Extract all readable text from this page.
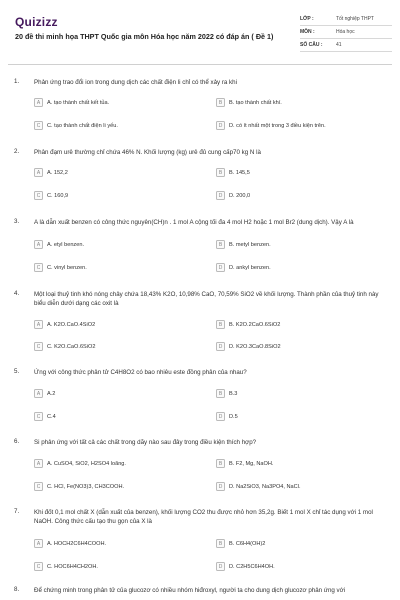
Quizizz
20 đề thi minh họa THPT Quốc gia môn Hóa học năm 2022 có đáp án ( Đề 1)
LỚP :	Tốt nghiệp THPT
MÔN :	Hóa học
SỐ CÂU :	41
1. Phản ứng trao đổi ion trong dung dịch các chất điện li chỉ có thể xảy ra khi
A	A. tạo thành chất kết tủa.	B	B. tạo thành chất khí.
C	C. tạo thành chất điện li yếu.	D	D. có ít nhất một trong 3 điều kiện trên.
2. Phân đạm urê thường chỉ chứa 46% N. Khối lượng (kg) urê đủ cung cấp70 kg N là
A	A. 152,2	B	B. 145,5
C	C. 160,9	D	D. 200,0
3. A là dẫn xuất benzen có công thức nguyên(CH)n . 1 mol A cộng tối đa 4 mol H2 hoặc 1 mol Br2 (dung dịch). Vậy A là
A	A. etyl benzen.	B	B. metyl benzen.
C	C. vinyl benzen.	D	D. ankyl benzen.
4. Một loại thuỷ tinh khó nóng chảy chứa 18,43% K2O, 10,98% CaO, 70,59% SiO2 về khối lượng. Thành phần của thuỷ tinh này biểu diễn dưới dạng các oxit là
A	A. K2O.CaO.4SiO2	B	B. K2O.2CaO.6SiO2
C	C. K2O.CaO.6SiO2	D	D. K2O.3CaO.8SiO2
5. Ứng với công thức phân tử C4H8O2 có bao nhiêu este đồng phân của nhau?
A	A.2	B	B.3
C	C.4	D	D.5
6. Si phản ứng với tất cả các chất trong dãy nào sau đây trong điều kiện thích hợp?
A	A. CuSO4, SiO2, H2SO4 loãng.	B	B. F2, Mg, NaOH.
C	C. HCl, Fe(NO3)3, CH3COOH.	D	D. Na2SiO3, Na3PO4, NaCl.
7. Khi đốt 0,1 mol chất X (dẫn xuất của benzen), khối lượng CO2 thu được nhỏ hơn 35,2g. Biết 1 mol X chỉ tác dụng với 1 mol NaOH. Công thức cấu tạo thu gọn của X là
A	A. HOCH2C6H4COOH.	B	B. C6H4(OH)2
C	C. HOC6H4CH2OH.	D	D. C2H5C6H4OH.
8. Để chứng minh trong phân tử của glucozơ có nhiều nhóm hiđroxyl, người ta cho dung dịch glucozơ phản ứng với
